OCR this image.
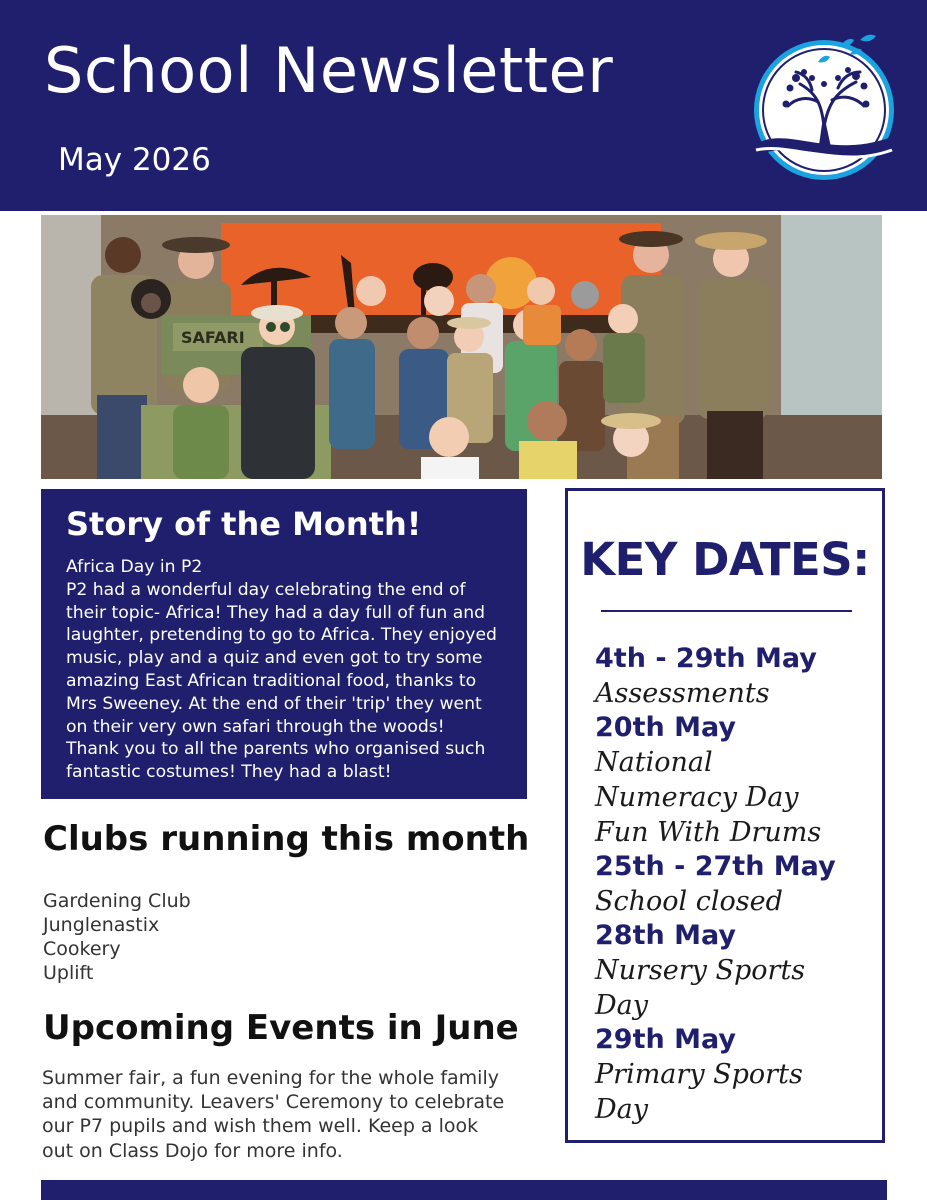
School Newsletter
May 2026
SAFARI
Story of the Month!

Africa Day in P2

P2 had a wonderful day celebrating the end of their topic- Africa! They had a day full of fun and laughter, pretending to go to Africa. They enjoyed music, play and a quiz and even got to try some amazing East African traditional food, thanks to Mrs Sweeney. At the end of their 'trip' they went on their very own safari through the woods! Thank you to all the parents who organised such fantastic costumes! They had a blast!

Clubs running this month
Gardening Club
Junglenastix
Cookery
Uplift
Upcoming Events in June

Summer fair, a fun evening for the whole family and community. Leavers' Ceremony to celebrate our P7 pupils and wish them well. Keep a look out on Class Dojo for more info.

KEY DATES:
4th - 29th May
Assessments
20th May
National
Numeracy Day
Fun With Drums
25th - 27th May
School closed
28th May
Nursery Sports
Day
29th May
Primary Sports
Day
